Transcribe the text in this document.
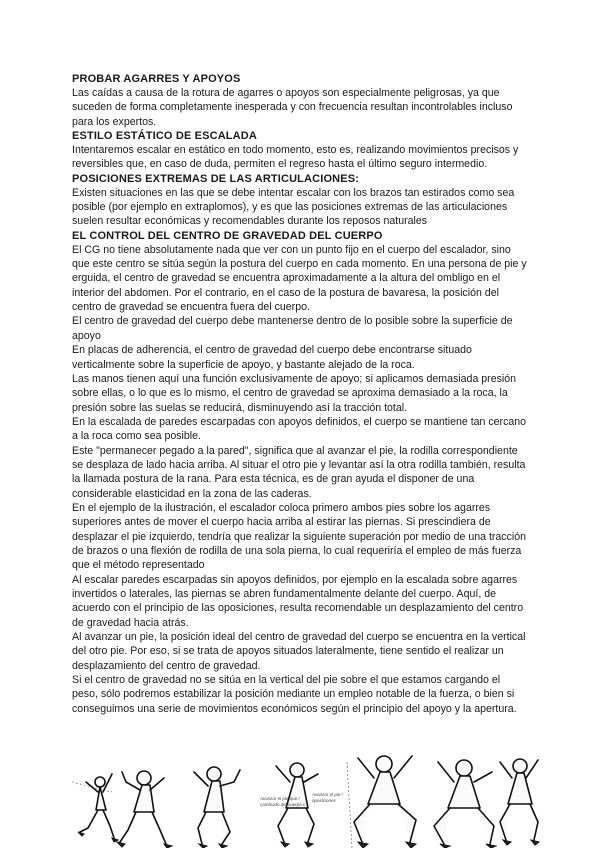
PROBAR AGARRES Y APOYOS

Las caídas a causa de la rotura de agarres o apoyos son especialmente peligrosas, ya que suceden de forma completamente inesperada y con frecuencia resultan incontrolables incluso para los expertos.

ESTILO ESTÁTICO DE ESCALADA

Intentaremos escalar en estático en todo momento, esto es, realizando movimientos precisos y reversibles que, en caso de duda, permiten el regreso hasta el último seguro intermedio.

POSICIONES EXTREMAS DE LAS ARTICULACIONES:

Existen situaciones en las que se debe intentar escalar con los brazos tan estirados como sea posible (por ejemplo en extraplomos), y es que las posiciones extremas de las articulaciones suelen resultar económicas y recomendables durante los reposos naturales

EL CONTROL DEL CENTRO DE GRAVEDAD DEL CUERPO

El CG no tiene absolutamente nada que ver con un punto fijo en el cuerpo del escalador, sino que este centro se sitúa según la postura del cuerpo en cada momento. En una persona de pie y erguida, el centro de gravedad se encuentra aproximadamente a la altura del ombligo en el interior del abdomen. Por el contrario, en el caso de la postura de bavaresa, la posición del centro de gravedad se encuentra fuera del cuerpo.

El centro de gravedad del cuerpo debe mantenerse dentro de lo posible sobre la superficie de apoyo

En placas de adherencia, el centro de gravedad del cuerpo debe encontrarse situado verticalmente sobre la superficie de apoyo, y bastante alejado de la roca.

Las manos tienen aquí una función exclusivamente de apoyo; si aplicamos demasiada presión sobre ellas, o lo que es lo mismo, el centro de gravedad se aproxima demasiado a la roca, la presión sobre las suelas se reducirá, disminuyendo así la tracción total.

En la escalada de paredes escarpadas con apoyos definidos, el cuerpo se mantiene tan cercano a la roca como sea posible.

Este "permanecer pegado a la pared", significa que al avanzar el pie, la rodilla correspondiente se desplaza de lado hacia arriba. Al situar el otro pie y levantar así la otra rodilla también, resulta la llamada postura de la rana. Para esta técnica, es de gran ayuda el disponer de una considerable elasticidad en la zona de las caderas.

En el ejemplo de la ilustración, el escalador coloca primero ambos pies sobre los agarres superiores antes de mover el cuerpo hacia arriba al estirar las piernas. Si prescindiera de desplazar el pie izquierdo, tendría que realizar la siguiente superación por medio de una tracción de brazos o una flexión de rodilla de una sola pierna, lo cual requeriría el empleo de más fuerza que el método representado

Al escalar paredes escarpadas sin apoyos definidos, por ejemplo en la escalada sobre agarres invertidos o laterales, las piernas se abren fundamentalmente delante del cuerpo. Aquí, de acuerdo con el principio de las oposiciones, resulta recomendable un desplazamiento del centro de gravedad hacia atrás.

Al avanzar un pie, la posición ideal del centro de gravedad del cuerpo se encuentra en la vertical del otro pie. Por eso, si se trata de apoyos situados lateralmente, tiene sentido el realizar un desplazamiento del centro de gravedad.

Si el centro de gravedad no se sitúa en la vertical del pie sobre el que estamos cargando el peso, sólo podremos estabilizar la posición mediante un empleo notable de la fuerza, o bien si conseguimos una serie de movimientos económicos según el principio del apoyo y la apertura.

Avanzar el pie que / cambiado del cuerpo c
Avanzar el pie / oposiciones
